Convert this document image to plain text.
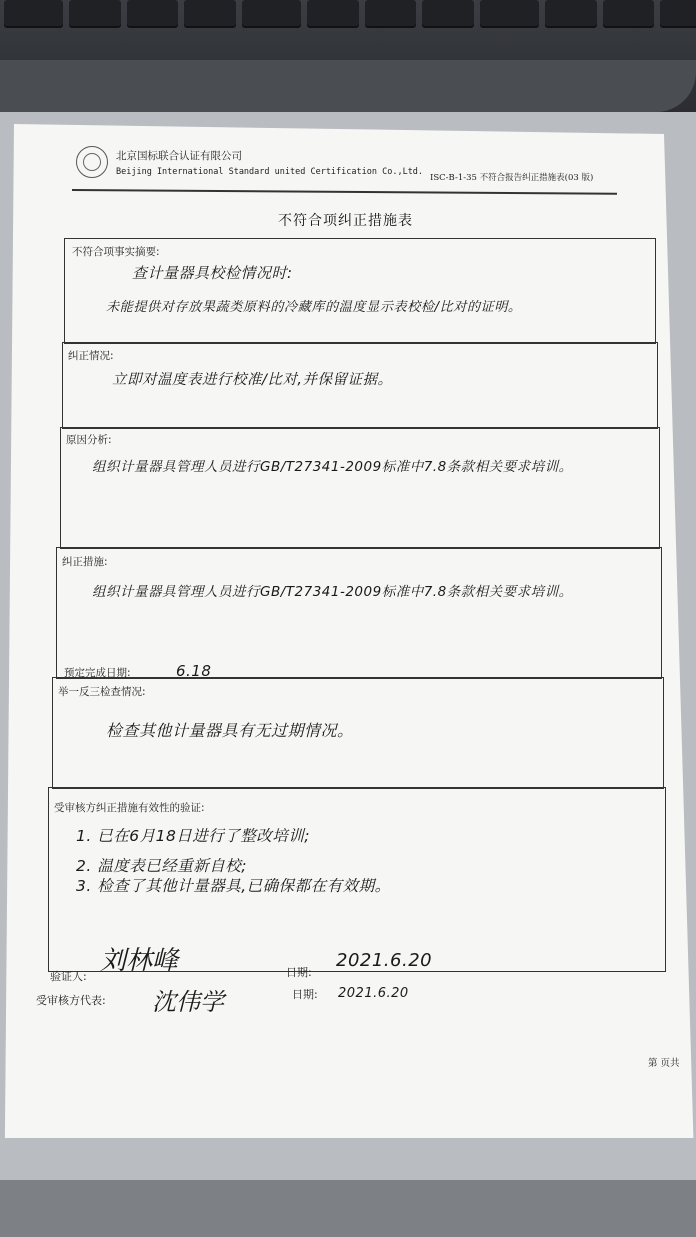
北京国标联合认证有限公司
Beijing International Standard united Certification Co.,Ltd.
ISC-B-1-35 不符合报告纠正措施表(03 版)
不符合项纠正措施表
不符合项事实摘要:
查计量器具校检情况时:
未能提供对存放果蔬类原料的冷藏库的温度显示表校检/比对的证明。
纠正情况:
立即对温度表进行校准/比对,并保留证据。
原因分析:
组织计量器具管理人员进行GB/T27341-2009标准中7.8条款相关要求培训。
纠正措施:
组织计量器具管理人员进行GB/T27341-2009标准中7.8条款相关要求培训。
预定完成日期:	6.18
举一反三检查情况:
检查其他计量器具有无过期情况。
受审核方纠正措施有效性的验证:
1. 已在6月18日进行了整改培训;
2. 温度表已经重新自校;
3. 检查了其他计量器具,已确保都在有效期。
验证人:
刘林峰	日期:
2021.6.20
受审核方代表: 沈伟学	日期: 2021.6.20
第 页共
